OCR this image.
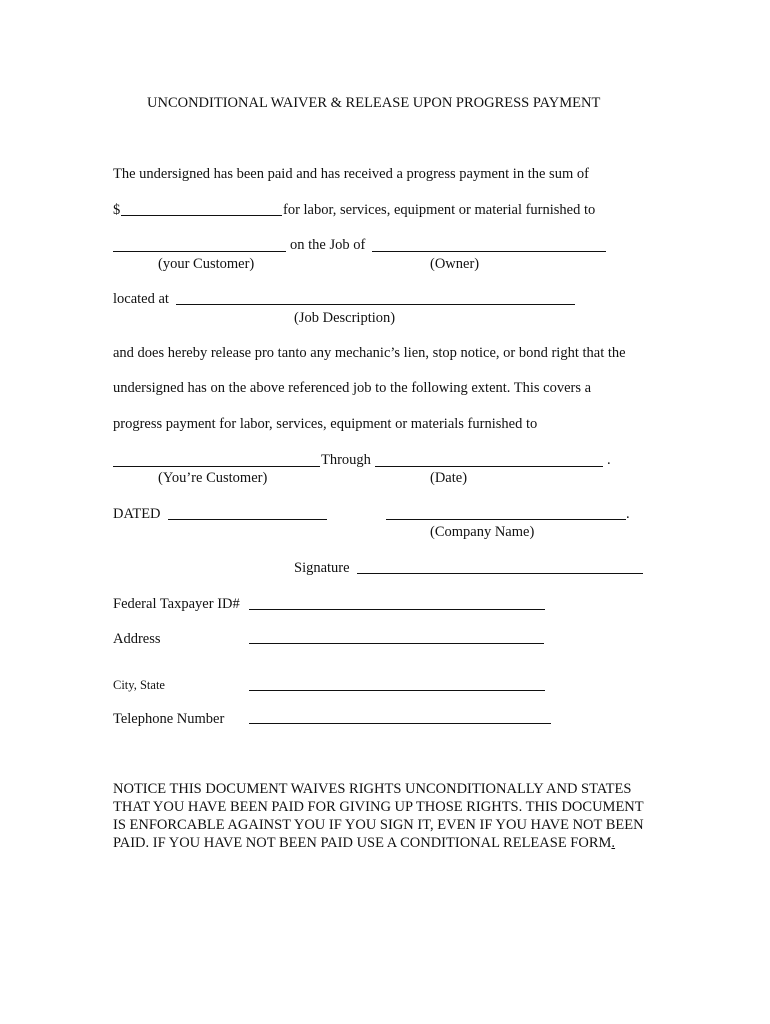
UNCONDITIONAL WAIVER & RELEASE UPON PROGRESS PAYMENT
The undersigned has been paid and has received a progress payment in the sum of
$	for labor, services, equipment or material furnished to
on the Job of
(your Customer)	(Owner)
located at
(Job Description)
and does hereby release pro tanto any mechanic’s lien, stop notice, or bond right that the
undersigned has on the above referenced job to the following extent. This covers a
progress payment for labor, services, equipment or materials furnished to
Through	.
(You’re Customer)	(Date)
DATED	.
(Company Name)
Signature
Federal Taxpayer ID#
Address
City, State
Telephone Number
NOTICE THIS DOCUMENT WAIVES RIGHTS UNCONDITIONALLY AND STATES THAT YOU HAVE BEEN PAID FOR GIVING UP THOSE RIGHTS. THIS DOCUMENT IS ENFORCABLE AGAINST YOU IF YOU SIGN IT, EVEN IF YOU HAVE NOT BEEN PAID. IF YOU HAVE NOT BEEN PAID USE A CONDITIONAL RELEASE FORM.
